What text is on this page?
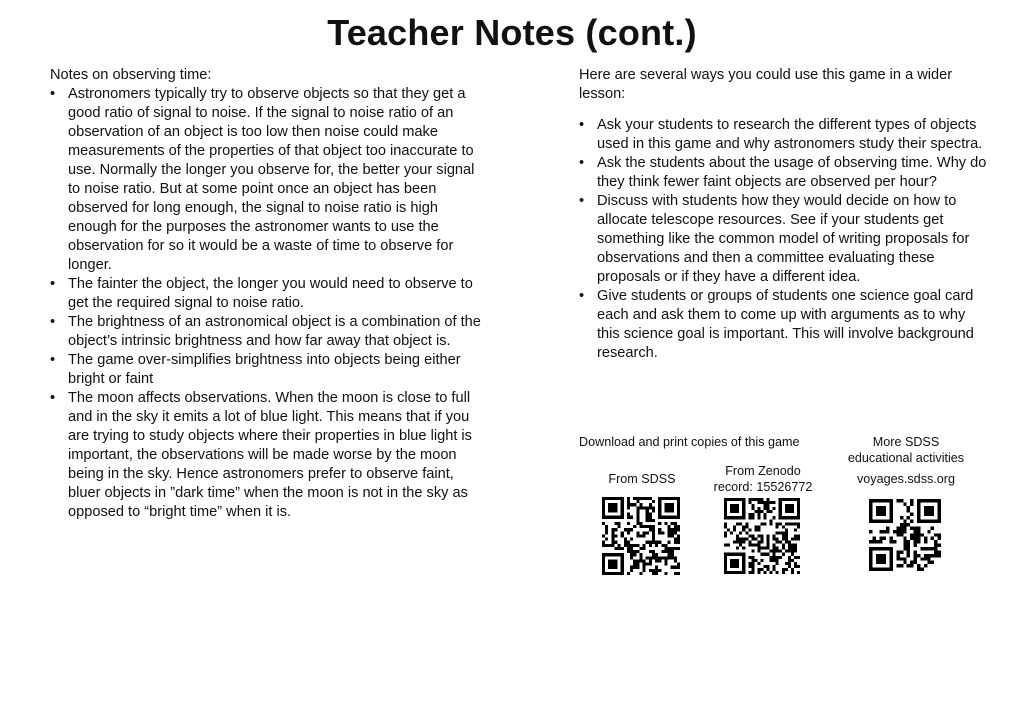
Teacher Notes (cont.)
Notes on observing time:
• Astronomers typically try to observe objects so that they get a good ratio of signal to noise. If the signal to noise ratio of an observation of an object is too low then noise could make measurements of the properties of that object too inaccurate to use. Normally the longer you observe for, the better your signal to noise ratio. But at some point once an object has been observed for long enough, the signal to noise ratio is high enough for the purposes the astronomer wants to use the observation for so it would be a waste of time to observe for longer.
• The fainter the object, the longer you would need to observe to get the required signal to noise ratio.
• The brightness of an astronomical object is a combination of the object’s intrinsic brightness and how far away that object is.
• The game over-simplifies brightness into objects being either bright or faint
• The moon affects observations. When the moon is close to full and in the sky it emits a lot of blue light. This means that if you are trying to study objects where their properties in blue light is important, the observations will be made worse by the moon being in the sky. Hence astronomers prefer to observe faint, bluer objects in ”dark time” when the moon is not in the sky as opposed to “bright time” when it is.
Here are several ways you could use this game in a wider lesson:
• Ask your students to research the different types of objects used in this game and why astronomers study their spectra.
• Ask the students about the usage of observing time. Why do they think fewer faint objects are observed per hour?
• Discuss with students how they would decide on how to allocate telescope resources. See if your students get something like the common model of writing proposals for observations and then a committee evaluating these proposals or if they have a different idea.
• Give students or groups of students one science goal card each and ask them to come up with arguments as to why this science goal is important. This will involve background research.
Download and print copies of this game	More SDSS
educational activities
From SDSS
From Zenodo
record: 15526772
voyages.sdss.org
